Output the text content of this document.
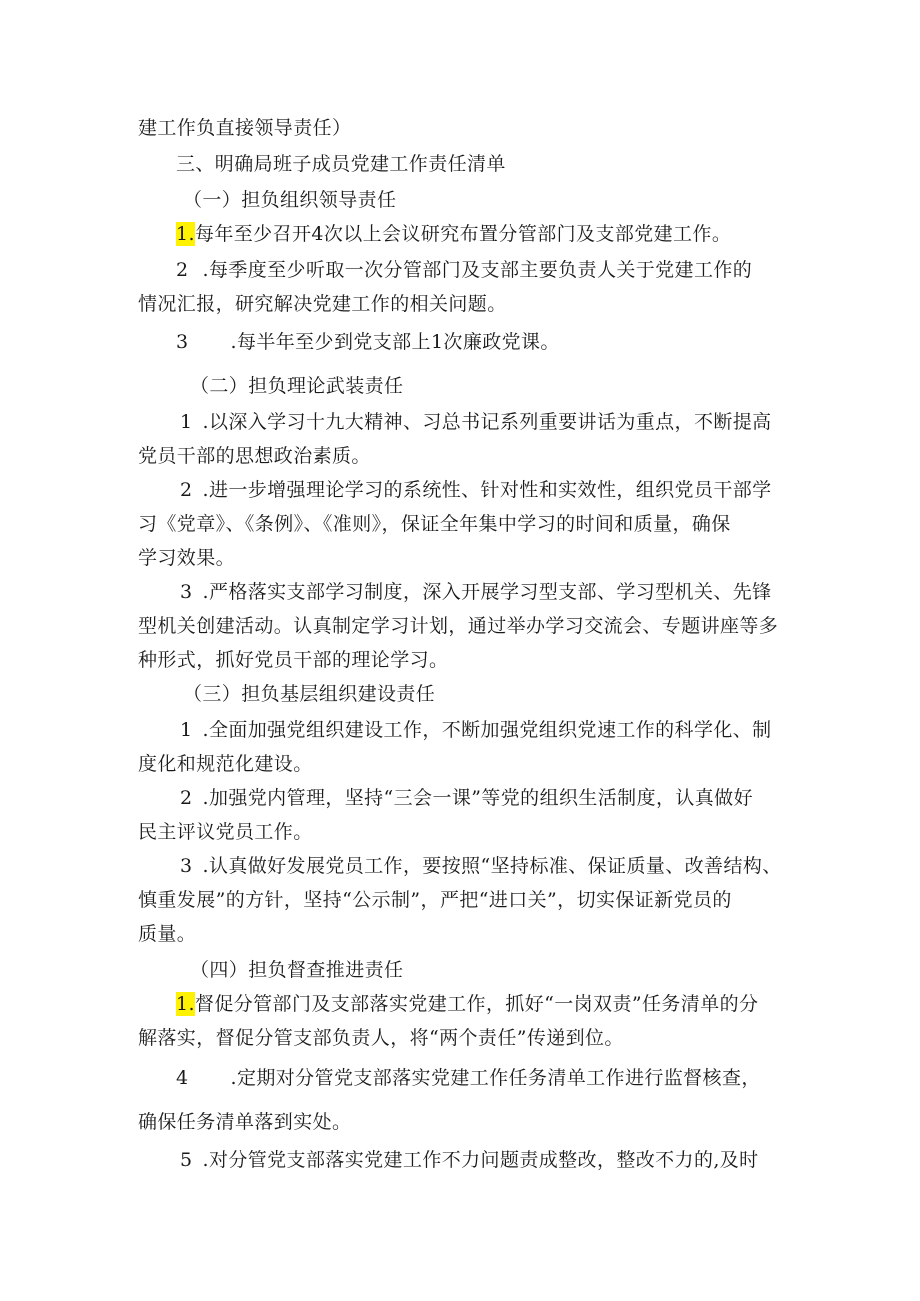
建工作负直接领导责任）
三、明确局班子成员党建工作责任清单
（一）担负组织领导责任
1.每年至少召开4次以上会议研究布置分管部门及支部党建工作。
2 .每季度至少听取一次分管部门及支部主要负责人关于党建工作的
情况汇报，研究解决党建工作的相关问题。
3 .每半年至少到党支部上1次廉政党课。
（二）担负理论武装责任
1 .以深入学习十九大精神、习总书记系列重要讲话为重点，不断提高
党员干部的思想政治素质。
2 .进一步增强理论学习的系统性、针对性和实效性，组织党员干部学
习《党章》、《条例》、《准则》，保证全年集中学习的时间和质量，确保
学习效果。
3 .严格落实支部学习制度，深入开展学习型支部、学习型机关、先锋
型机关创建活动。认真制定学习计划，通过举办学习交流会、专题讲座等多
种形式，抓好党员干部的理论学习。
（三）担负基层组织建设责任
1 .全面加强党组织建设工作，不断加强党组织党速工作的科学化、制
度化和规范化建设。
2 .加强党内管理，坚持“三会一课”等党的组织生活制度，认真做好
民主评议党员工作。
3 .认真做好发展党员工作，要按照“坚持标准、保证质量、改善结构、
慎重发展”的方针，坚持“公示制”，严把“进口关”，切实保证新党员的
质量。
（四）担负督查推进责任
1.督促分管部门及支部落实党建工作，抓好“一岗双责”任务清单的分
解落实，督促分管支部负责人，将“两个责任”传递到位。
4 .定期对分管党支部落实党建工作任务清单工作进行监督核查，
确保任务清单落到实处。
5 .对分管党支部落实党建工作不力问题责成整改，整改不力的,及时
